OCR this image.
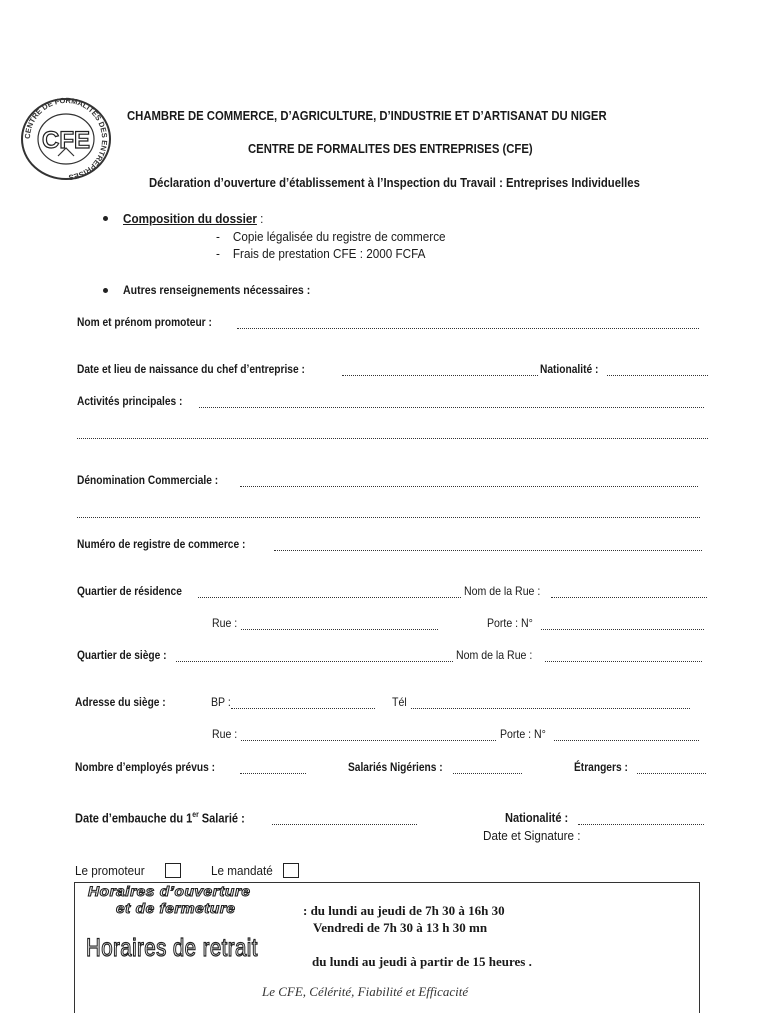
CENTRE DE FORMALITES DES ENTREPRISES
CFE
CHAMBRE DE COMMERCE, D’AGRICULTURE, D’INDUSTRIE ET D’ARTISANAT DU NIGER
CENTRE DE FORMALITES DES ENTREPRISES (CFE)
Déclaration d’ouverture d’établissement à l’Inspection du Travail : Entreprises Individuelles
Composition du dossier :
-    Copie légalisée du registre de commerce
-    Frais de prestation CFE : 2000 FCFA
Autres renseignements nécessaires :
Nom et prénom promoteur :
Date et lieu de naissance du chef d’entreprise :	Nationalité :
Activités principales :
Dénomination Commerciale :
Numéro de registre de commerce :
Quartier de résidence	Nom de la Rue :
Rue :	Porte : N°
Quartier de siège :	Nom de la Rue :
Adresse du siège :	BP :	Tél
Rue :	Porte : N°
Nombre d’employés prévus :	Salariés Nigériens :	Étrangers :
Date d’embauche du 1er Salarié :	Nationalité :
Date et Signature :
Le promoteur	Le mandaté
Horaires d’ouverture
et de fermeture	: du lundi au jeudi de 7h 30 à 16h 30
Vendredi de 7h 30 à 13 h 30 mn
Horaires de retrait	du lundi au jeudi à partir de 15 heures .
Le CFE, Célérité, Fiabilité et Efficacité
